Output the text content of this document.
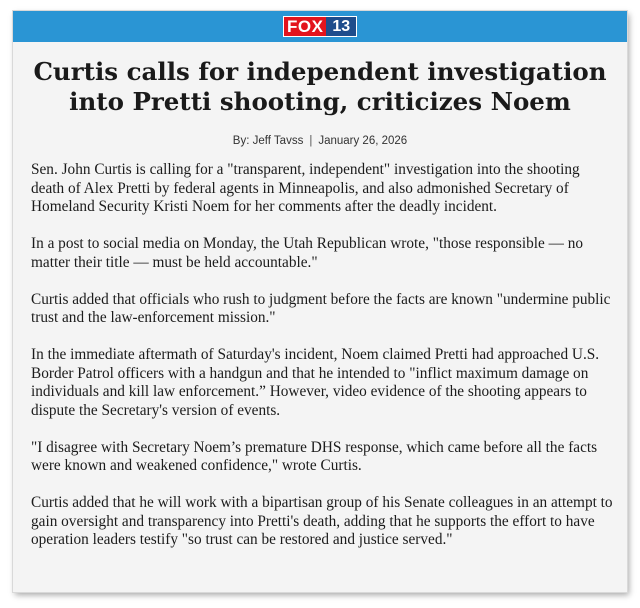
FOX 13
Curtis calls for independent investigation
into Pretti shooting, criticizes Noem
By: Jeff Tavss | January 26, 2026

Sen. John Curtis is calling for a "transparent, independent" investigation into the shooting death of Alex Pretti by federal agents in Minneapolis, and also admonished Secretary of Homeland Security Kristi Noem for her comments after the deadly incident.

In a post to social media on Monday, the Utah Republican wrote, "those responsible — no matter their title — must be held accountable."

Curtis added that officials who rush to judgment before the facts are known "undermine public trust and the law-enforcement mission."

In the immediate aftermath of Saturday's incident, Noem claimed Pretti had approached U.S. Border Patrol officers with a handgun and that he intended to "inflict maximum damage on individuals and kill law enforcement.” However, video evidence of the shooting appears to dispute the Secretary's version of events.

"I disagree with Secretary Noem’s premature DHS response, which came before all the facts were known and weakened confidence," wrote Curtis.

Curtis added that he will work with a bipartisan group of his Senate colleagues in an attempt to gain oversight and transparency into Pretti's death, adding that he supports the effort to have operation leaders testify "so trust can be restored and justice served."
